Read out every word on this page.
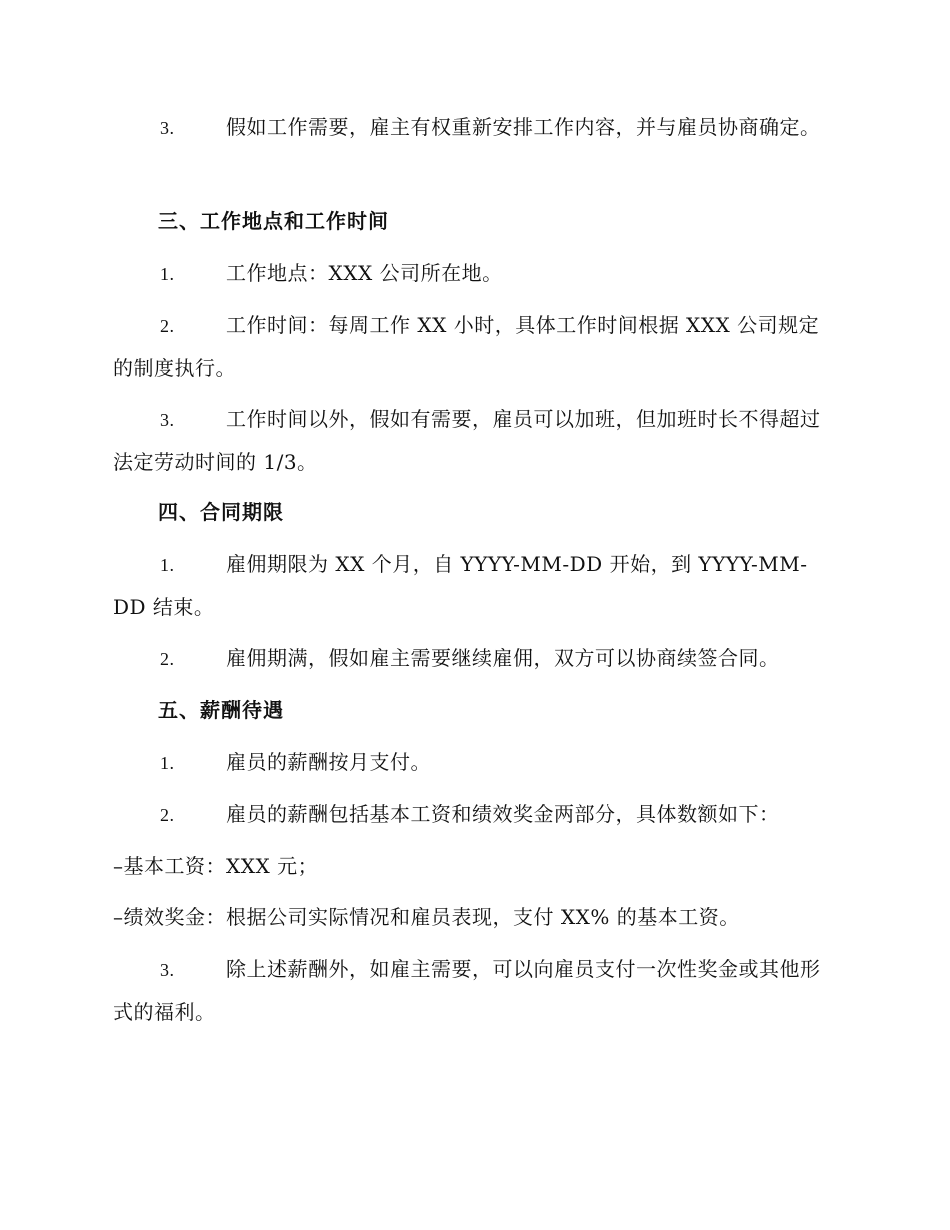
3.	假如工作需要，雇主有权重新安排工作内容，并与雇员协商确定。
三、工作地点和工作时间
1.	工作地点：XXX 公司所在地。
2.	工作时间：每周工作 XX 小时，具体工作时间根据 XXX 公司规定的制度执行。
3.	工作时间以外，假如有需要，雇员可以加班，但加班时长不得超过法定劳动时间的 1/3。
四、合同期限
1.	雇佣期限为 XX 个月，自 YYYY-MM-DD 开始，到 YYYY-MM-DD 结束。
2.	雇佣期满，假如雇主需要继续雇佣，双方可以协商续签合同。
五、薪酬待遇
1.	雇员的薪酬按月支付。
2.	雇员的薪酬包括基本工资和绩效奖金两部分，具体数额如下：
–基本工资：XXX 元；
–绩效奖金：根据公司实际情况和雇员表现，支付 XX% 的基本工资。
3.	除上述薪酬外，如雇主需要，可以向雇员支付一次性奖金或其他形式的福利。
